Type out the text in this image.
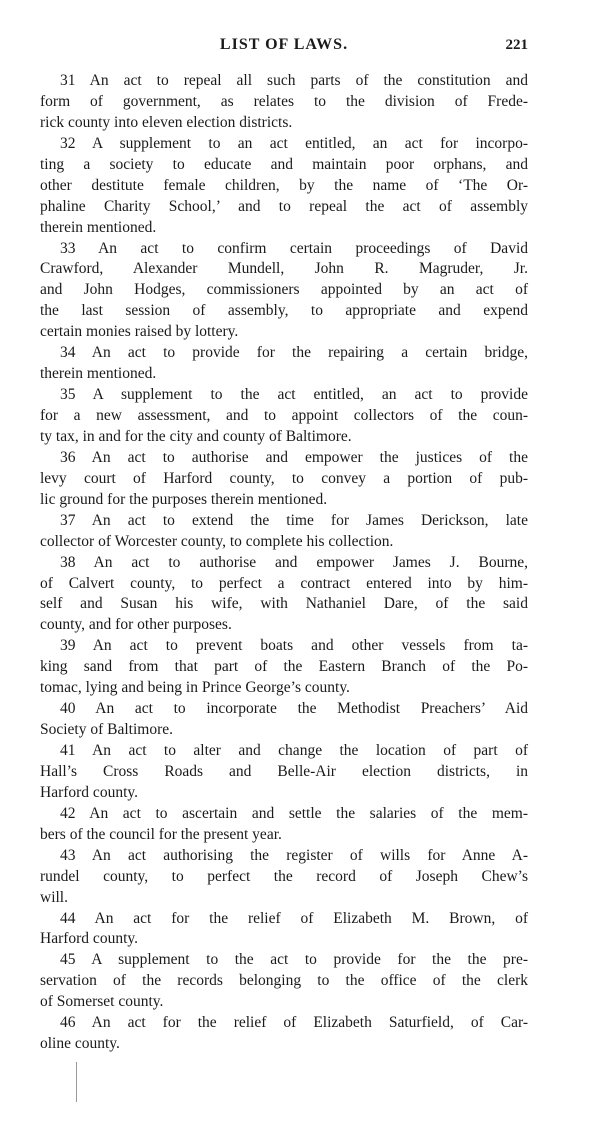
LIST OF LAWS.	221
31 An act to repeal all such parts of the constitution and
form of government, as relates to the division of Frede-
rick county into eleven election districts.
32 A supplement to an act entitled, an act for incorpo-
ting a society to educate and maintain poor orphans, and
other destitute female children, by the name of ‘The Or-
phaline Charity School,’ and to repeal the act of assembly
therein mentioned.
33 An act to confirm certain proceedings of David
Crawford, Alexander Mundell, John R. Magruder, Jr.
and John Hodges, commissioners appointed by an act of
the last session of assembly, to appropriate and expend
certain monies raised by lottery.
34 An act to provide for the repairing a certain bridge,
therein mentioned.
35 A supplement to the act entitled, an act to provide
for a new assessment, and to appoint collectors of the coun-
ty tax, in and for the city and county of Baltimore.
36 An act to authorise and empower the justices of the
levy court of Harford county, to convey a portion of pub-
lic ground for the purposes therein mentioned.
37 An act to extend the time for James Derickson, late
collector of Worcester county, to complete his collection.
38 An act to authorise and empower James J. Bourne,
of Calvert county, to perfect a contract entered into by him-
self and Susan his wife, with Nathaniel Dare, of the said
county, and for other purposes.
39 An act to prevent boats and other vessels from ta-
king sand from that part of the Eastern Branch of the Po-
tomac, lying and being in Prince George’s county.
40 An act to incorporate the Methodist Preachers’ Aid
Society of Baltimore.
41 An act to alter and change the location of part of
Hall’s Cross Roads and Belle-Air election districts, in
Harford county.
42 An act to ascertain and settle the salaries of the mem-
bers of the council for the present year.
43 An act authorising the register of wills for Anne A-
rundel county, to perfect the record of Joseph Chew’s
will.
44 An act for the relief of Elizabeth M. Brown, of
Harford county.
45 A supplement to the act to provide for the the pre-
servation of the records belonging to the office of the clerk
of Somerset county.
46 An act for the relief of Elizabeth Saturfield, of Car-
oline county.
